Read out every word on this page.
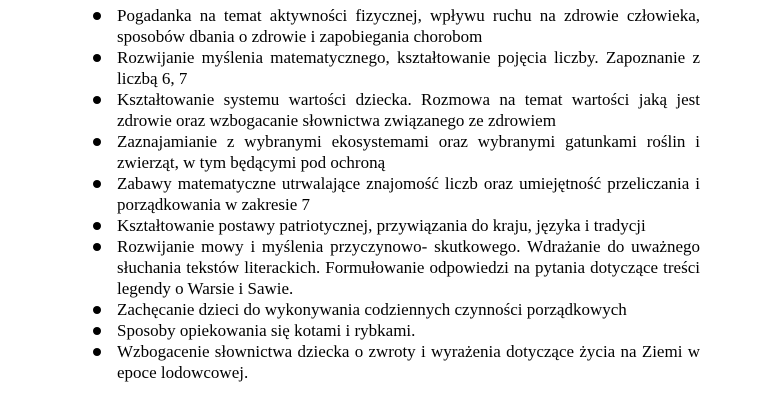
Pogadanka na temat aktywności fizycznej, wpływu ruchu na zdrowie człowieka, sposobów dbania o zdrowie i zapobiegania chorobom
Rozwijanie myślenia matematycznego, kształtowanie pojęcia liczby. Zapoznanie z liczbą 6, 7
Kształtowanie systemu wartości dziecka. Rozmowa na temat wartości jaką jest zdrowie oraz wzbogacanie słownictwa związanego ze zdrowiem
Zaznajamianie z wybranymi ekosystemami oraz wybranymi gatunkami roślin i zwierząt, w tym będącymi pod ochroną
Zabawy matematyczne utrwalające znajomość liczb oraz umiejętność przeliczania i porządkowania w zakresie 7
Kształtowanie postawy patriotycznej, przywiązania do kraju, języka i tradycji
Rozwijanie mowy i myślenia przyczynowo- skutkowego. Wdrażanie do uważnego słuchania tekstów literackich. Formułowanie odpowiedzi na pytania dotyczące treści legendy o Warsie i Sawie.
Zachęcanie dzieci do wykonywania codziennych czynności porządkowych
Sposoby opiekowania się kotami i rybkami.
Wzbogacenie słownictwa dziecka o zwroty i wyrażenia dotyczące życia na Ziemi w epoce lodowcowej.
